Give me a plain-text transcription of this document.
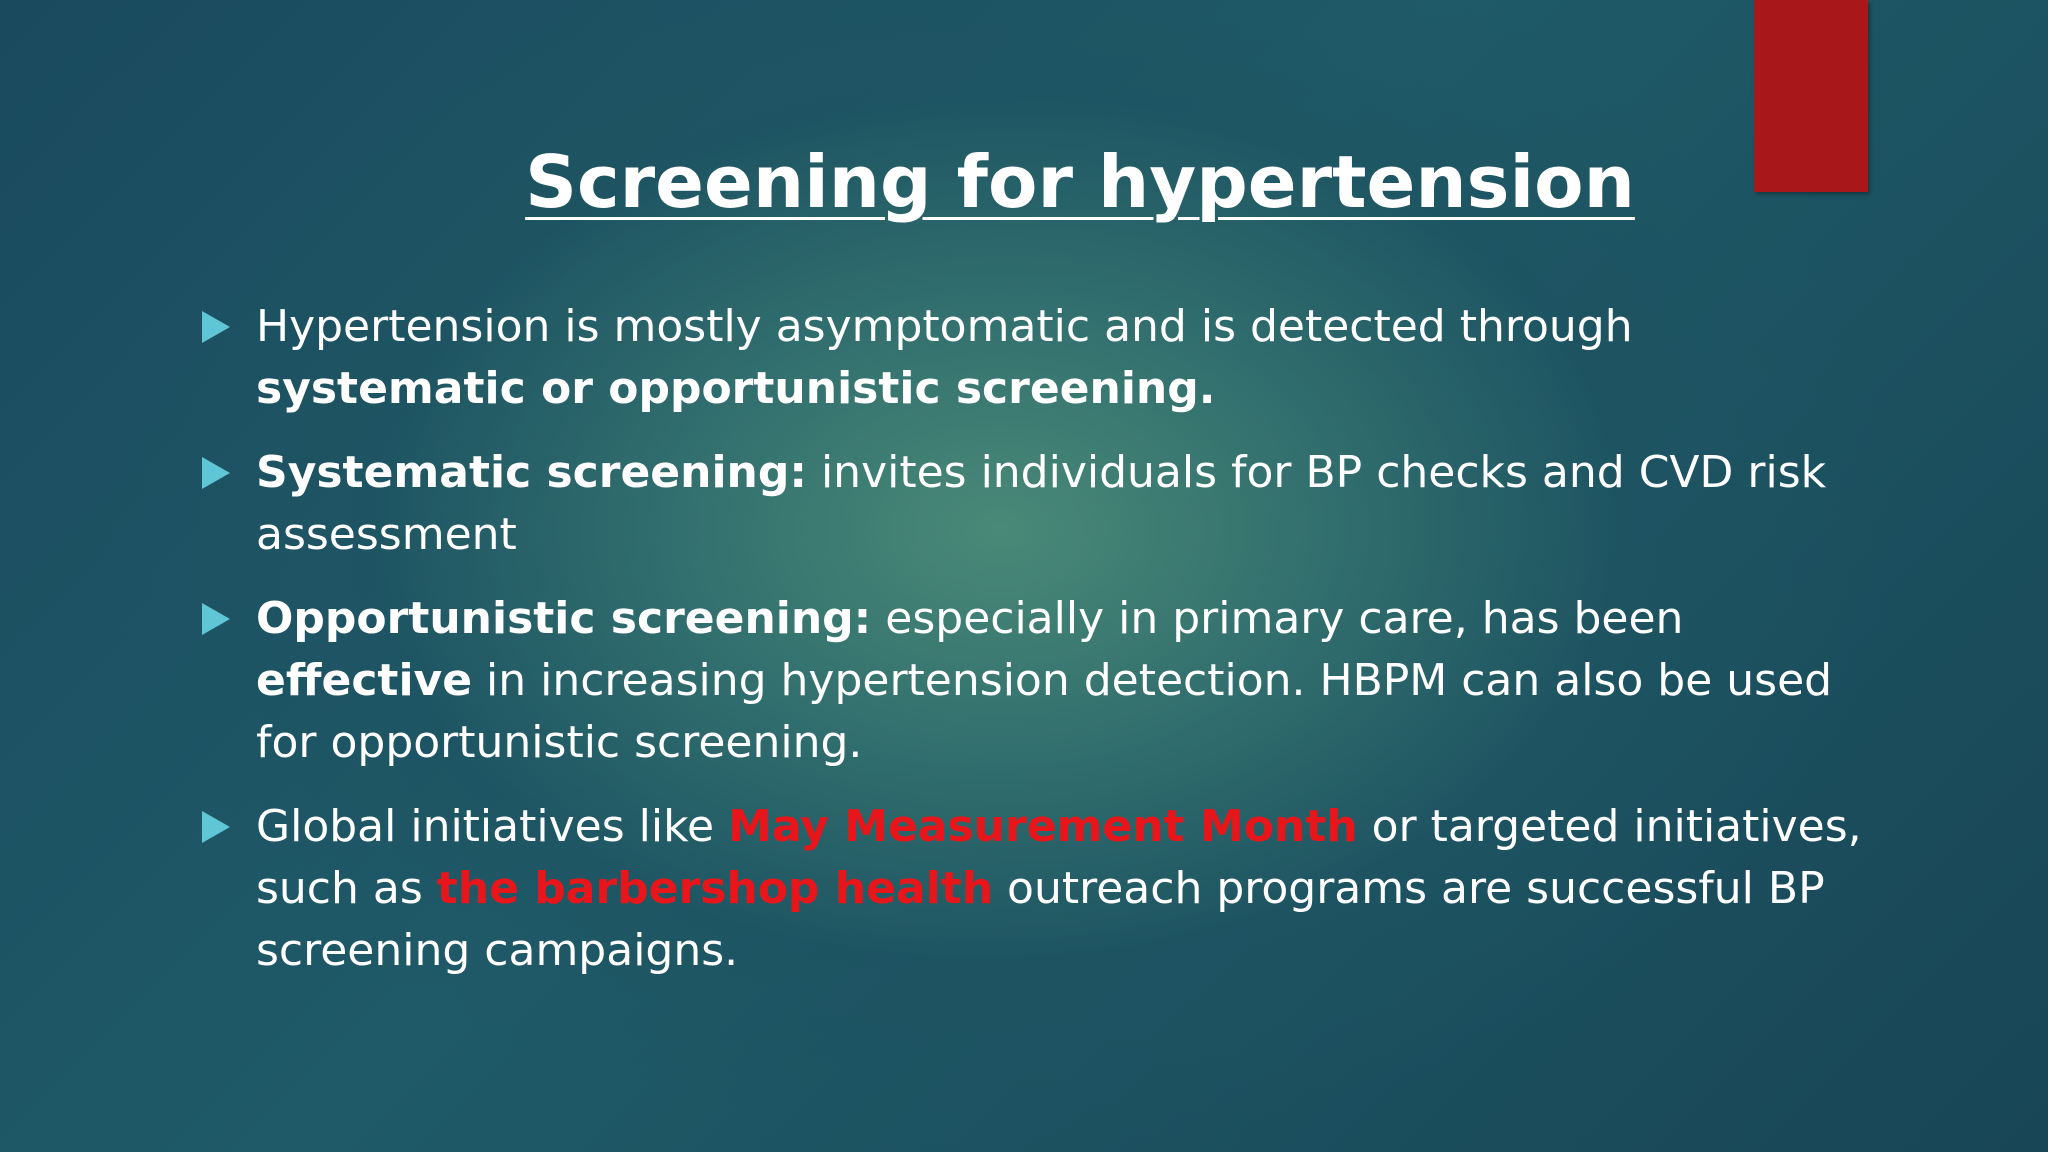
Screening for hypertension
Hypertension is mostly asymptomatic and is detected through systematic or opportunistic screening.
Systematic screening: invites individuals for BP checks and CVD risk assessment
Opportunistic screening: especially in primary care, has been effective in increasing hypertension detection. HBPM can also be used for opportunistic screening.
Global initiatives like May Measurement Month or targeted initiatives, such as the barbershop health outreach programs are successful BP screening campaigns.
